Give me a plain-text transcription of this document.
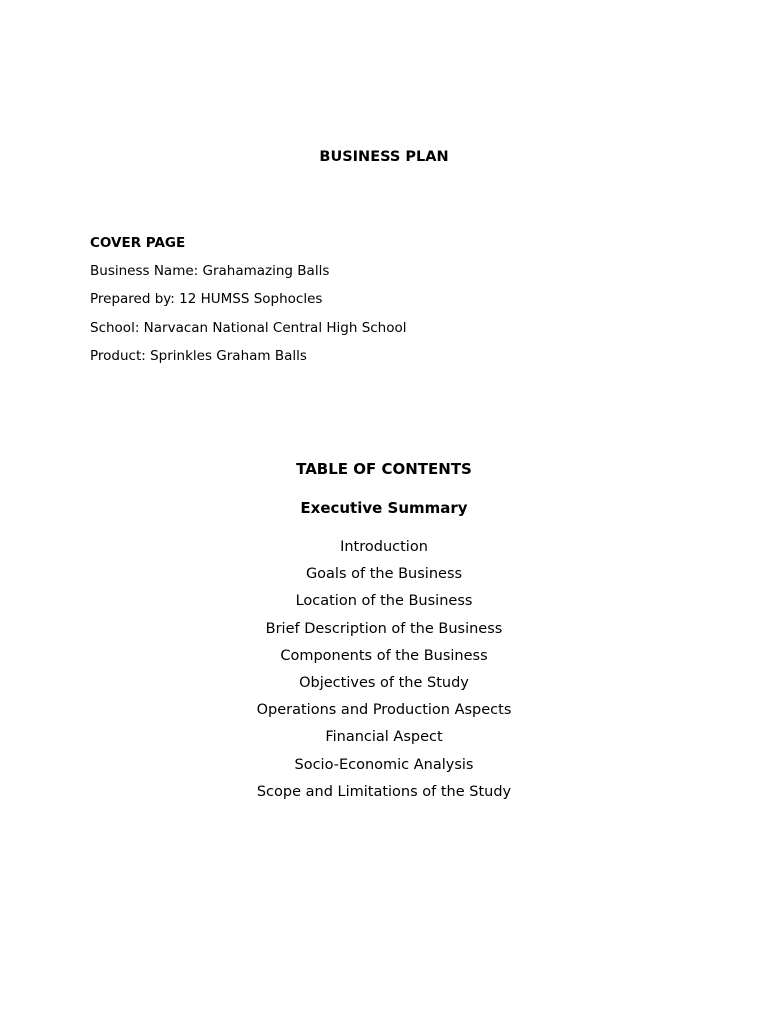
BUSINESS PLAN

COVER PAGE

Business Name: Grahamazing Balls

Prepared by: 12 HUMSS Sophocles

School: Narvacan National Central High School

Product: Sprinkles Graham Balls

TABLE OF CONTENTS

Executive Summary

Introduction
Goals of the Business
Location of the Business
Brief Description of the Business
Components of the Business
Objectives of the Study
Operations and Production Aspects
Financial Aspect
Socio-Economic Analysis
Scope and Limitations of the Study
